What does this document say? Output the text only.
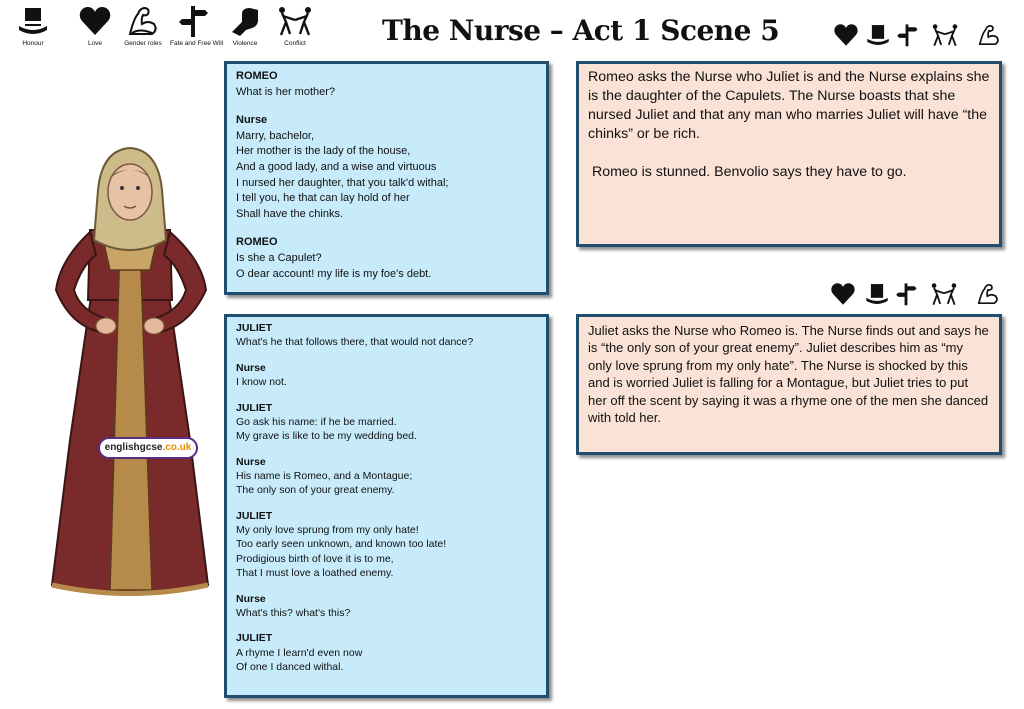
Honour	Love	Gender roles	Fate and Free Will	Violence	Conflict	The Nurse – Act 1 Scene 5
englishgcse.co.uk
ROMEO
What is her mother?
Nurse
Marry, bachelor,
Her mother is the lady of the house,
And a good lady, and a wise and virtuous
I nursed her daughter, that you talk'd withal;
I tell you, he that can lay hold of her
Shall have the chinks.
ROMEO
Is she a Capulet?
O dear account! my life is my foe's debt.
JULIET
What's he that follows there, that would not dance?
Nurse
I know not.
JULIET
Go ask his name: if he be married.
My grave is like to be my wedding bed.
Nurse
His name is Romeo, and a Montague;
The only son of your great enemy.
JULIET
My only love sprung from my only hate!
Too early seen unknown, and known too late!
Prodigious birth of love it is to me,
That I must love a loathed enemy.
Nurse
What's this? what's this?
JULIET
A rhyme I learn'd even now
Of one I danced withal.

Romeo asks the Nurse who Juliet is and the Nurse explains she is the daughter of the Capulets. The Nurse boasts that she nursed Juliet and that any man who marries Juliet will have “the chinks” or be rich.

Romeo is stunned. Benvolio says they have to go.

Juliet asks the Nurse who Romeo is. The Nurse finds out and says he is “the only son of your great enemy”. Juliet describes him as “my only love sprung from my only hate”. The Nurse is shocked by this and is worried Juliet is falling for a Montague, but Juliet tries to put her off the scent by saying it was a rhyme one of the men she danced with told her.
